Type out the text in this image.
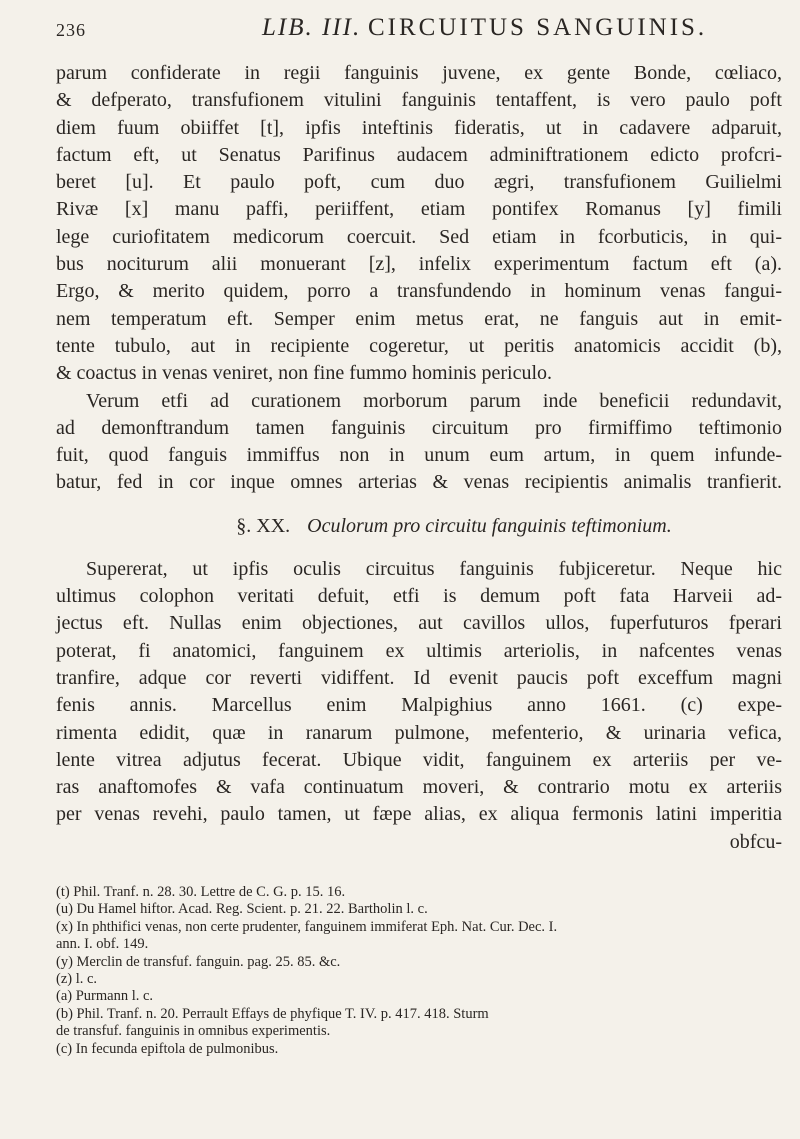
236	LIB. III. CIRCUITUS SANGUINIS.

parum confiderate in regii fanguinis juvene, ex gente Bonde, cœliaco,

& defperato, transfufionem vitulini fanguinis tentaffent, is vero paulo poft

diem fuum obiiffet [t], ipfis inteftinis fideratis, ut in cadavere adparuit,

factum eft, ut Senatus Parifinus audacem adminiftrationem edicto profcri-

beret [u]. Et paulo poft, cum duo ægri, transfufionem Guilielmi

Rivæ [x] manu paffi, periiffent, etiam pontifex Romanus [y] fimili

lege curiofitatem medicorum coercuit. Sed etiam in fcorbuticis, in qui-

bus nociturum alii monuerant [z], infelix experimentum factum eft (a).

Ergo, & merito quidem, porro a transfundendo in hominum venas fangui-

nem temperatum eft. Semper enim metus erat, ne fanguis aut in emit-

tente tubulo, aut in recipiente cogeretur, ut peritis anatomicis accidit (b),

& coactus in venas veniret, non fine fummo hominis periculo.

Verum etfi ad curationem morborum parum inde beneficii redundavit,

ad demonftrandum tamen fanguinis circuitum pro firmiffimo teftimonio

fuit, quod fanguis immiffus non in unum eum artum, in quem infunde-

batur, fed in cor inque omnes arterias & venas recipientis animalis tranfierit.

§. XX. Oculorum pro circuitu fanguinis teftimonium.

Supererat, ut ipfis oculis circuitus fanguinis fubjiceretur. Neque hic

ultimus colophon veritati defuit, etfi is demum poft fata Harveii ad-

jectus eft. Nullas enim objectiones, aut cavillos ullos, fuperfuturos fperari

poterat, fi anatomici, fanguinem ex ultimis arteriolis, in nafcentes venas

tranfire, adque cor reverti vidiffent. Id evenit paucis poft exceffum magni

fenis annis. Marcellus enim Malpighius anno 1661. (c) expe-

rimenta edidit, quæ in ranarum pulmone, mefenterio, & urinaria vefica,

lente vitrea adjutus fecerat. Ubique vidit, fanguinem ex arteriis per ve-

ras anaftomofes & vafa continuatum moveri, & contrario motu ex arteriis

per venas revehi, paulo tamen, ut fæpe alias, ex aliqua fermonis latini imperitia

obfcu-

(t) Phil. Tranf. n. 28. 30. Lettre de C. G. p. 15. 16.

(u) Du Hamel hiftor. Acad. Reg. Scient. p. 21. 22. Bartholin l. c.

(x) In phthifici venas, non certe prudenter, fanguinem immiferat Eph. Nat. Cur. Dec. I.

ann. I. obf. 149.

(y) Merclin de transfuf. fanguin. pag. 25. 85. &c.

(z) l. c.

(a) Purmann l. c.

(b) Phil. Tranf. n. 20. Perrault Effays de phyfique T. IV. p. 417. 418. Sturm

de transfuf. fanguinis in omnibus experimentis.

(c) In fecunda epiftola de pulmonibus.
